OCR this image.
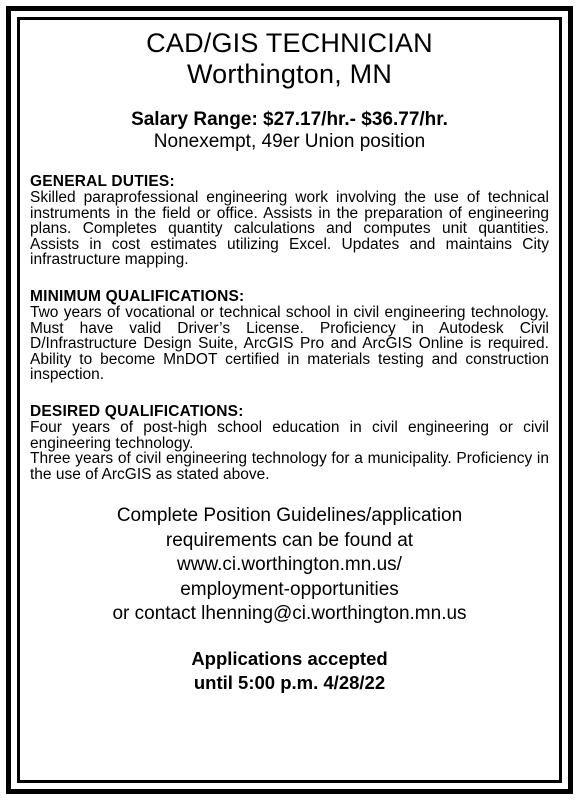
CAD/GIS TECHNICIAN
Worthington, MN
Salary Range: $27.17/hr.- $36.77/hr.
Nonexempt, 49er Union position
GENERAL DUTIES:

Skilled paraprofessional engineering work involving the use of technical instruments in the field or office. Assists in the preparation of engineering plans. Completes quantity calculations and computes unit quantities. Assists in cost estimates utilizing Excel. Updates and maintains City infrastructure mapping.

MINIMUM QUALIFICATIONS:

Two years of vocational or technical school in civil engineering technology. Must have valid Driver’s License. Proficiency in Autodesk Civil D/Infrastructure Design Suite, ArcGIS Pro and ArcGIS Online is required. Ability to become MnDOT certified in materials testing and construction inspection.

DESIRED QUALIFICATIONS:

Four years of post-high school education in civil engineering or civil engineering technology.

Three years of civil engineering technology for a municipality. Proficiency in the use of ArcGIS as stated above.

Complete Position Guidelines/application
requirements can be found at
www.ci.worthington.mn.us/
employment-opportunities
or contact lhenning@ci.worthington.mn.us
Applications accepted
until 5:00 p.m. 4/28/22
